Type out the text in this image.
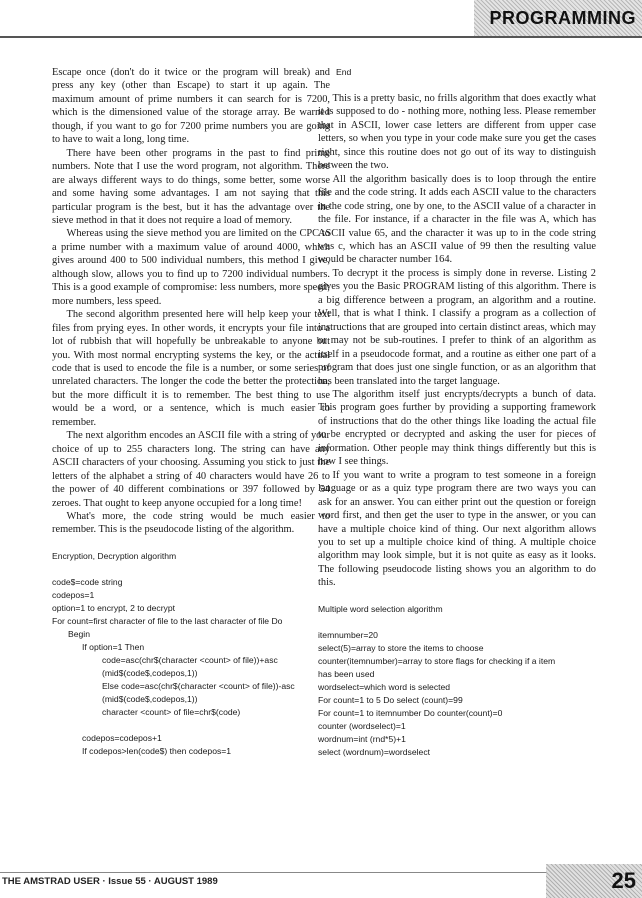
PROGRAMMING

Escape once (don't do it twice or the program will break) and press any key (other than Escape) to start it up again. The maximum amount of prime numbers it can search for is 7200, which is the dimensioned value of the storage array. Be warned though, if you want to go for 7200 prime numbers you are going to have to wait a long, long time.

There have been other programs in the past to find prime numbers. Note that I use the word program, not algorithm. There are always different ways to do things, some better, some worse and some having some advantages. I am not saying that this particular program is the best, but it has the advantage over the sieve method in that it does not require a load of memory.

Whereas using the sieve method you are limited on the CPC to a prime number with a maximum value of around 4000, which gives around 400 to 500 individual numbers, this method I give, although slow, allows you to find up to 7200 individual numbers. This is a good example of compromise: less numbers, more speed; more numbers, less speed.

The second algorithm presented here will help keep your text files from prying eyes. In other words, it encrypts your file into a lot of rubbish that will hopefully be unbreakable to anyone but you. With most normal encrypting systems the key, or the actual code that is used to encode the file is a number, or some series of unrelated characters. The longer the code the better the protection, but the more difficult it is to remember. The best thing to use would be a word, or a sentence, which is much easier to remember.

The next algorithm encodes an ASCII file with a string of your choice of up to 255 characters long. The string can have any ASCII characters of your choosing. Assuming you stick to just the letters of the alphabet a string of 40 characters would have 26 to the power of 40 different combinations or 397 followed by 54 zeroes. That ought to keep anyone occupied for a long time!

What's more, the code string would be much easier to remember. This is the pseudocode listing of the algorithm.

Encryption, Decryption algorithm
code$=code string
codepos=1
option=1 to encrypt, 2 to decrypt
For count=first character of file to the last character of file Do
Begin
If option=1 Then
code=asc(chr$(character <count> of file))+asc
(mid$(code$,codepos,1))
Else code=asc(chr$(character <count> of file))-asc
(mid$(code$,codepos,1))
character <count> of file=chr$(code)
codepos=codepos+1
If codepos>len(code$) then codepos=1
End

This is a pretty basic, no frills algorithm that does exactly what it is supposed to do - nothing more, nothing less. Please remember that in ASCII, lower case letters are different from upper case letters, so when you type in your code make sure you get the cases right, since this routine does not go out of its way to distinguish between the two.

All the algorithm basically does is to loop through the entire file and the code string. It adds each ASCII value to the characters in the code string, one by one, to the ASCII value of a character in the file. For instance, if a character in the file was A, which has ASCII value 65, and the character it was up to in the code string was c, which has an ASCII value of 99 then the resulting value would be character number 164.

To decrypt it the process is simply done in reverse. Listing 2 gives you the Basic PROGRAM listing of this algorithm. There is a big difference between a program, an algorithm and a routine. Well, that is what I think. I classify a program as a collection of instructions that are grouped into certain distinct areas, which may or may not be sub-routines. I prefer to think of an algorithm as itself in a pseudocode format, and a routine as either one part of a program that does just one single function, or as an algorithm that has been translated into the target language.

The algorithm itself just encrypts/decrypts a bunch of data. This program goes further by providing a supporting framework of instructions that do the other things like loading the actual file to be encrypted or decrypted and asking the user for pieces of information. Other people may think things differently but this is how I see things.

If you want to write a program to test someone in a foreign language or as a quiz type program there are two ways you can ask for an answer. You can either print out the question or foreign word first, and then get the user to type in the answer, or you can have a multiple choice kind of thing. Our next algorithm allows you to set up a multiple choice kind of thing. A multiple choice algorithm may look simple, but it is not quite as easy as it looks. The following pseudocode listing shows you an algorithm to do this.

Multiple word selection algorithm
itemnumber=20
select(5)=array to store the items to choose
counter(itemnumber)=array to store flags for checking if a item
has been used
wordselect=which word is selected
For count=1 to 5 Do select (count)=99
For count=1 to itemnumber Do counter(count)=0
counter (wordselect)=1
wordnum=int (rnd*5)+1
select (wordnum)=wordselect
THE AMSTRAD USER · Issue 55 · AUGUST 1989	25
